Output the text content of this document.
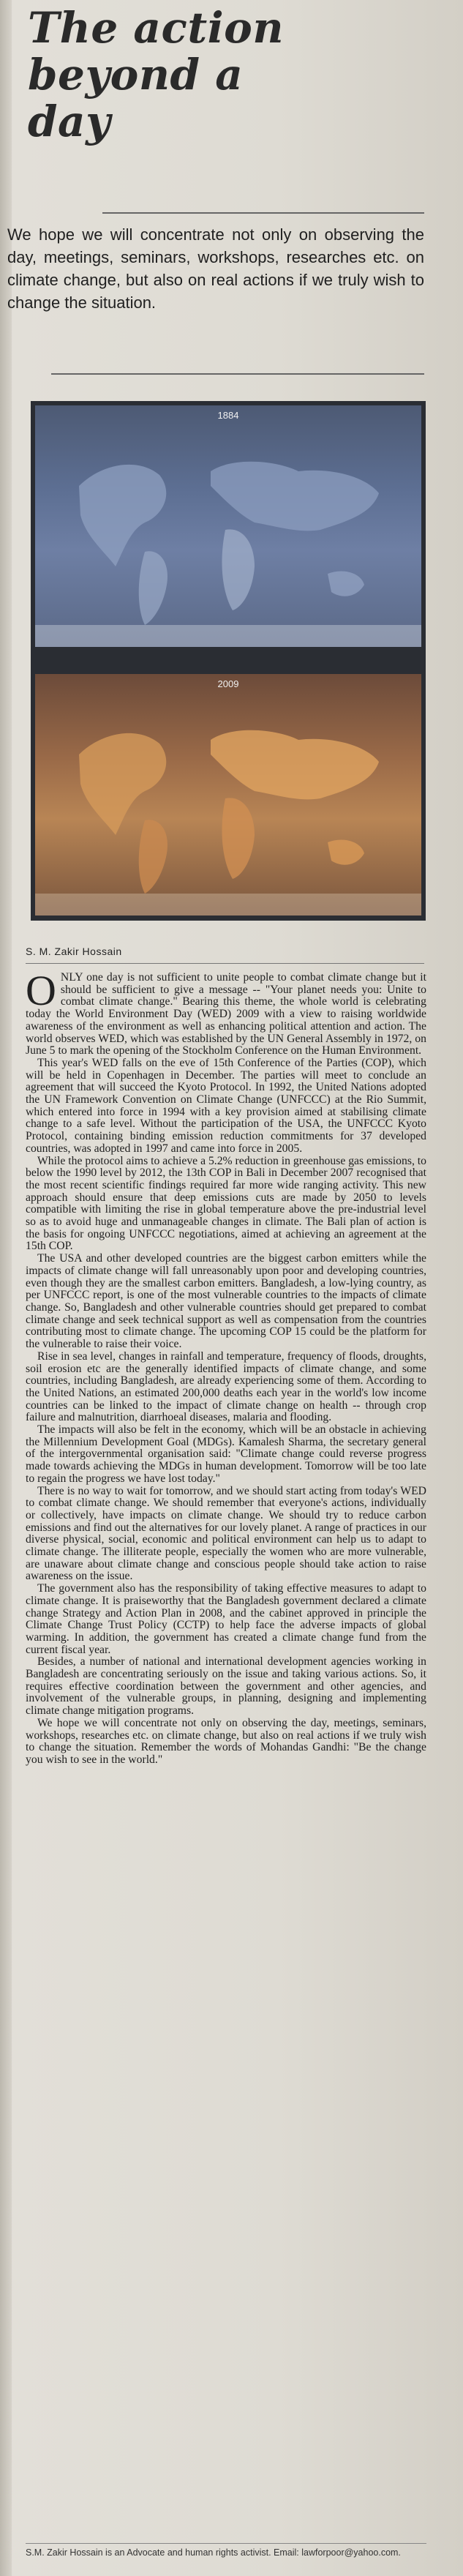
The action
beyond a
day
We hope we will concentrate not only on observing the day, meetings, seminars, workshops, researches etc. on climate change, but also on real actions if we truly wish to change the situation.
1884
2009
S. M. Zakir Hossain

ONLY one day is not sufficient to unite people to combat climate change but it should be sufficient to give a message -- "Your planet needs you: Unite to combat climate change." Bearing this theme, the whole world is celebrating today the World Environment Day (WED) 2009 with a view to raising worldwide awareness of the environment as well as enhancing political attention and action. The world observes WED, which was established by the UN General Assembly in 1972, on June 5 to mark the opening of the Stockholm Conference on the Human Environment.

This year's WED falls on the eve of 15th Conference of the Parties (COP), which will be held in Copenhagen in December. The parties will meet to conclude an agreement that will succeed the Kyoto Protocol. In 1992, the United Nations adopted the UN Framework Convention on Climate Change (UNFCCC) at the Rio Summit, which entered into force in 1994 with a key provision aimed at stabilising climate change to a safe level. Without the participation of the USA, the UNFCCC Kyoto Protocol, containing binding emission reduction commitments for 37 developed countries, was adopted in 1997 and came into force in 2005.

While the protocol aims to achieve a 5.2% reduction in greenhouse gas emissions, to below the 1990 level by 2012, the 13th COP in Bali in December 2007 recognised that the most recent scientific findings required far more wide ranging activity. This new approach should ensure that deep emissions cuts are made by 2050 to levels compatible with limiting the rise in global temperature above the pre-industrial level so as to avoid huge and unmanageable changes in climate. The Bali plan of action is the basis for ongoing UNFCCC negotiations, aimed at achieving an agreement at the 15th COP.

The USA and other developed countries are the biggest carbon emitters while the impacts of climate change will fall unreasonably upon poor and developing countries, even though they are the smallest carbon emitters. Bangladesh, a low-lying country, as per UNFCCC report, is one of the most vulnerable countries to the impacts of climate change. So, Bangladesh and other vulnerable countries should get prepared to combat climate change and seek technical support as well as compensation from the countries contributing most to climate change. The upcoming COP 15 could be the platform for the vulnerable to raise their voice.

Rise in sea level, changes in rainfall and temperature, frequency of floods, droughts, soil erosion etc are the generally identified impacts of climate change, and some countries, including Bangladesh, are already experiencing some of them. According to the United Nations, an estimated 200,000 deaths each year in the world's low income countries can be linked to the impact of climate change on health -- through crop failure and malnutrition, diarrhoeal diseases, malaria and flooding.

The impacts will also be felt in the economy, which will be an obstacle in achieving the Millennium Development Goal (MDGs). Kamalesh Sharma, the secretary general of the intergovernmental organisation said: "Climate change could reverse progress made towards achieving the MDGs in human development. Tomorrow will be too late to regain the progress we have lost today."

There is no way to wait for tomorrow, and we should start acting from today's WED to combat climate change. We should remember that everyone's actions, individually or collectively, have impacts on climate change. We should try to reduce carbon emissions and find out the alternatives for our lovely planet. A range of practices in our diverse physical, social, economic and political environment can help us to adapt to climate change. The illiterate people, especially the women who are more vulnerable, are unaware about climate change and conscious people should take action to raise awareness on the issue.

The government also has the responsibility of taking effective measures to adapt to climate change. It is praiseworthy that the Bangladesh government declared a climate change Strategy and Action Plan in 2008, and the cabinet approved in principle the Climate Change Trust Policy (CCTP) to help face the adverse impacts of global warming. In addition, the government has created a climate change fund from the current fiscal year.

Besides, a number of national and international development agencies working in Bangladesh are concentrating seriously on the issue and taking various actions. So, it requires effective coordination between the government and other agencies, and involvement of the vulnerable groups, in planning, designing and implementing climate change mitigation programs.

We hope we will concentrate not only on observing the day, meetings, seminars, workshops, researches etc. on climate change, but also on real actions if we truly wish to change the situation. Remember the words of Mohandas Gandhi: "Be the change you wish to see in the world."

S.M. Zakir Hossain is an Advocate and human rights activist. Email: lawforpoor@yahoo.com.
